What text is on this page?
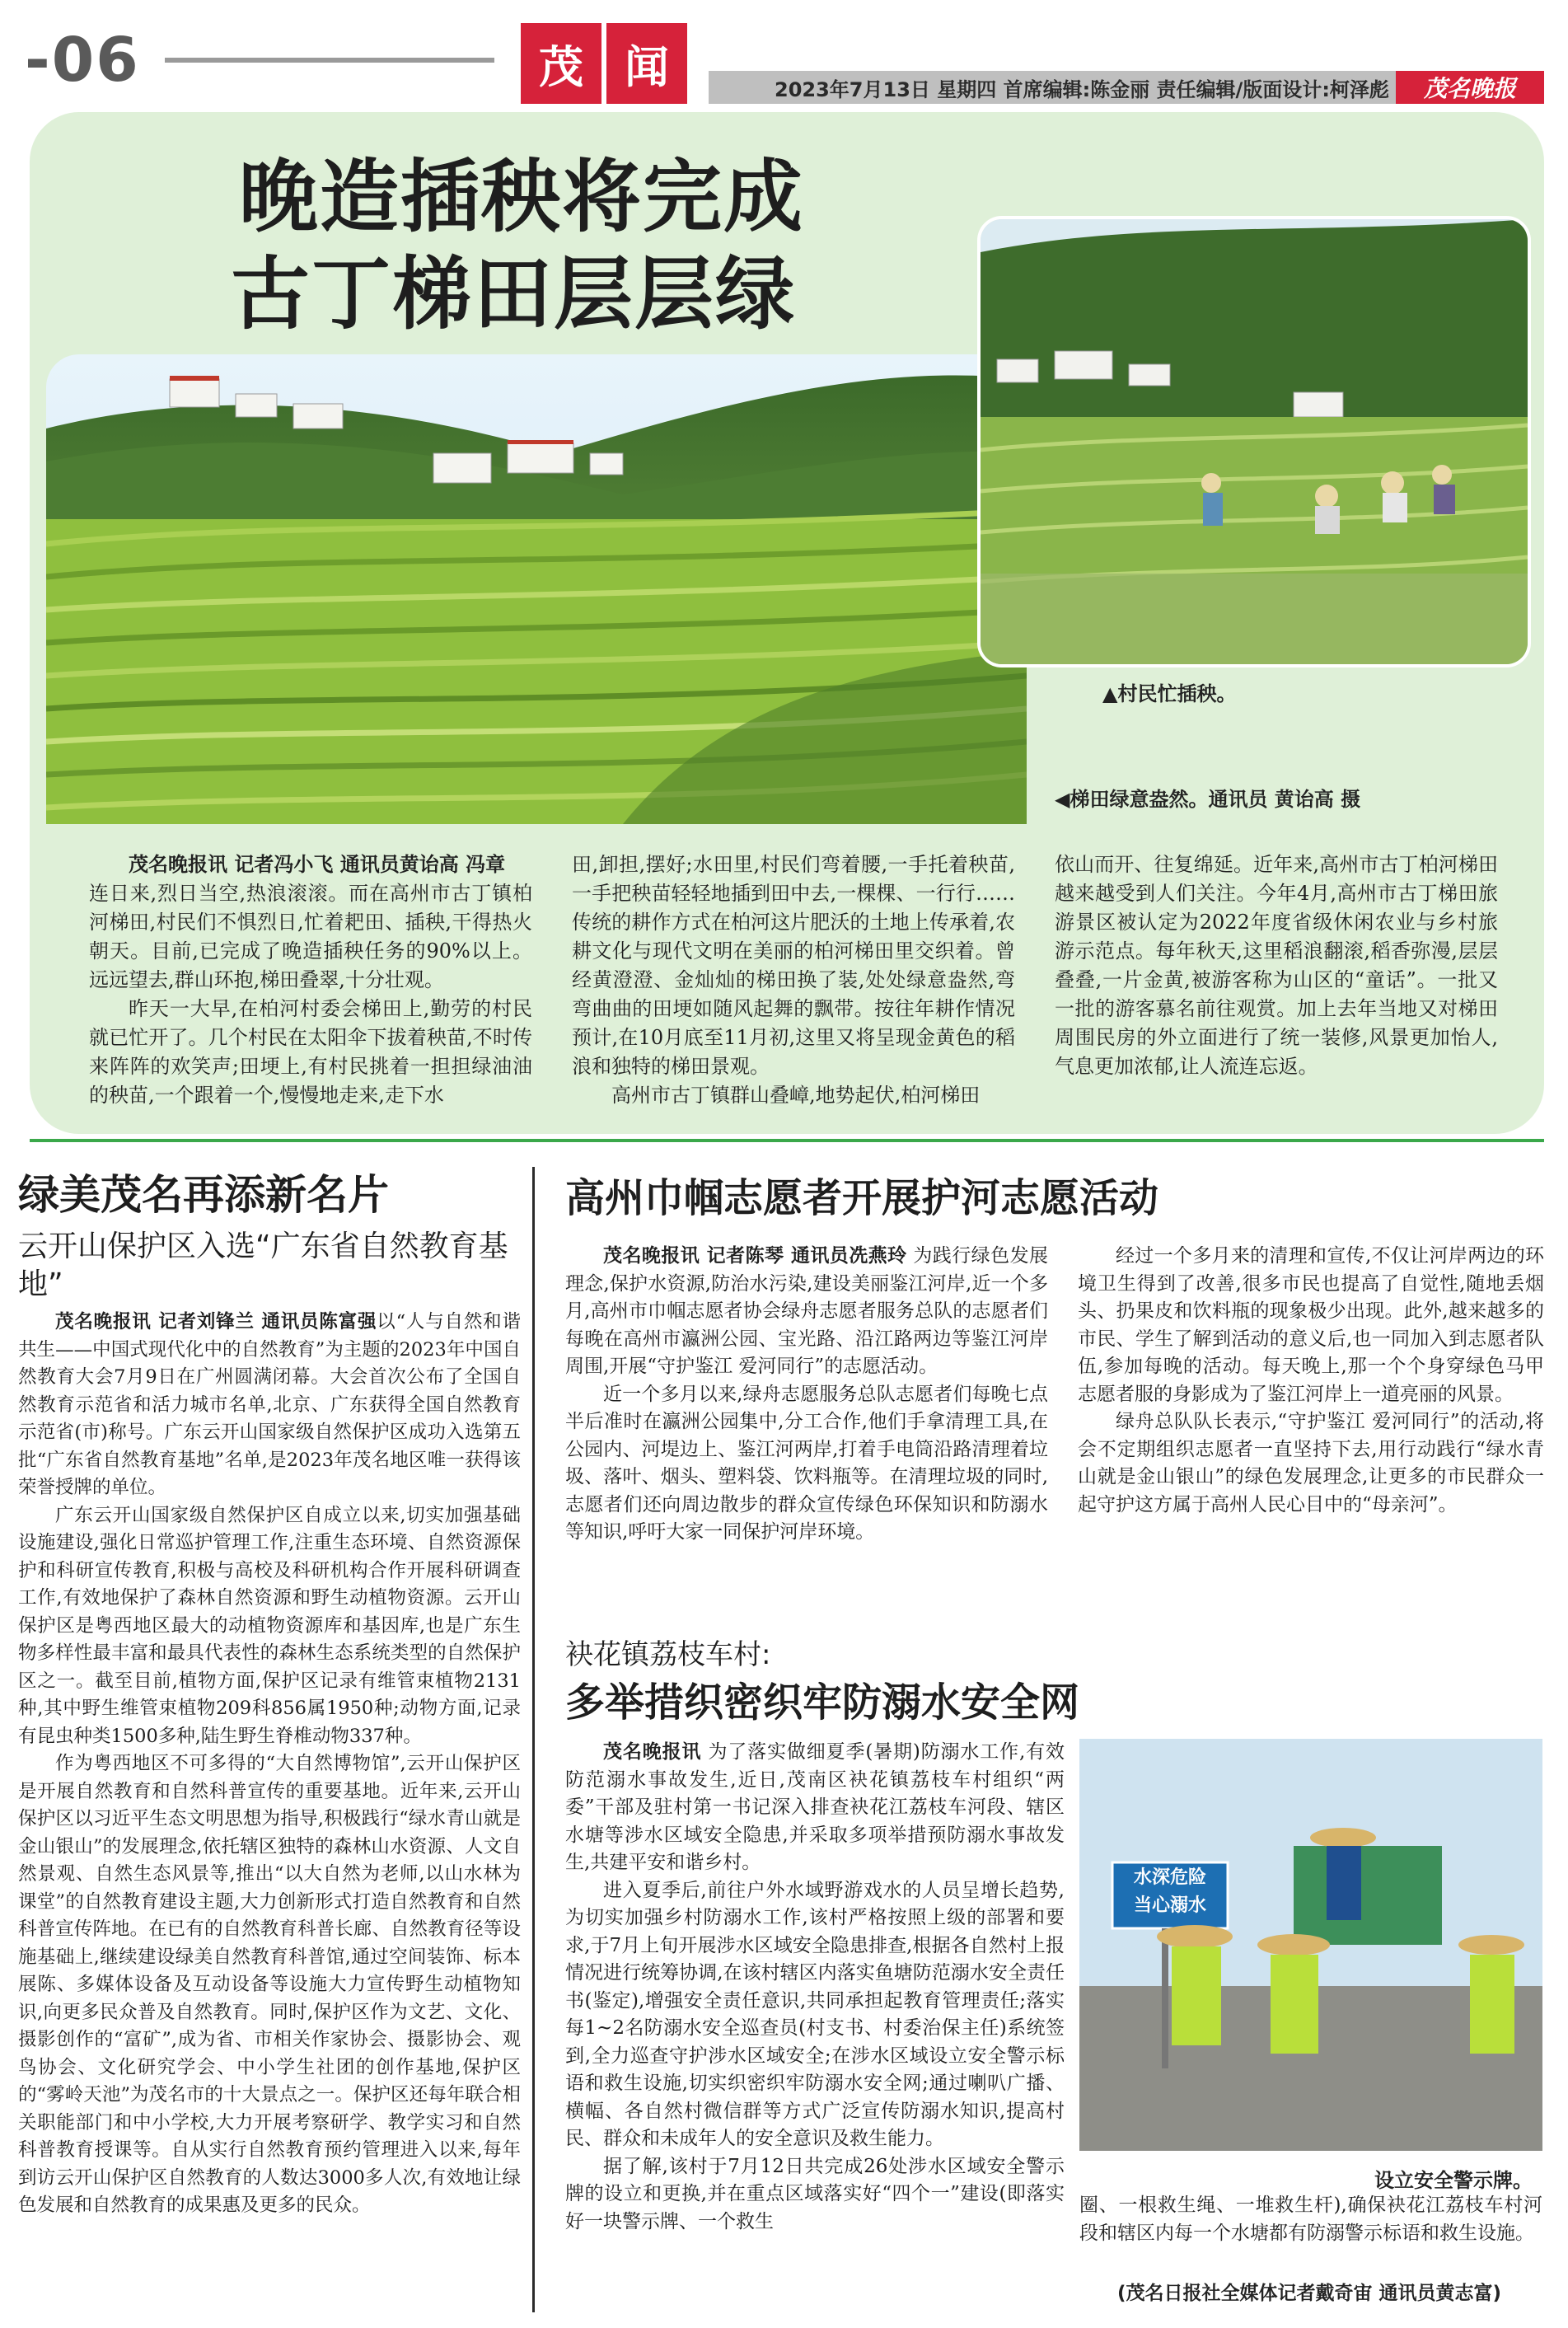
-06	茂 闻	2023年7月13日 星期四 首席编辑:陈金丽 责任编辑/版面设计:柯泽彪	茂名晚报
晚造插秧将完成
古丁梯田层层绿
▲村民忙插秧。
◀梯田绿意盎然。通讯员 黄诒高 摄

茂名晚报讯 记者冯小飞 通讯员黄诒高 冯章

连日来,烈日当空,热浪滚滚。而在高州市古丁镇柏河梯田,村民们不惧烈日,忙着耙田、插秧,干得热火朝天。目前,已完成了晚造插秧任务的90%以上。远远望去,群山环抱,梯田叠翠,十分壮观。

昨天一大早,在柏河村委会梯田上,勤劳的村民就已忙开了。几个村民在太阳伞下拔着秧苗,不时传来阵阵的欢笑声;田埂上,有村民挑着一担担绿油油的秧苗,一个跟着一个,慢慢地走来,走下水

田,卸担,摆好;水田里,村民们弯着腰,一手托着秧苗,一手把秧苗轻轻地插到田中去,一棵棵、一行行……传统的耕作方式在柏河这片肥沃的土地上传承着,农耕文化与现代文明在美丽的柏河梯田里交织着。曾经黄澄澄、金灿灿的梯田换了装,处处绿意盎然,弯弯曲曲的田埂如随风起舞的飘带。按往年耕作情况预计,在10月底至11月初,这里又将呈现金黄色的稻浪和独特的梯田景观。

高州市古丁镇群山叠嶂,地势起伏,柏河梯田

依山而开、往复绵延。近年来,高州市古丁柏河梯田越来越受到人们关注。今年4月,高州市古丁梯田旅游景区被认定为2022年度省级休闲农业与乡村旅游示范点。每年秋天,这里稻浪翻滚,稻香弥漫,层层叠叠,一片金黄,被游客称为山区的“童话”。一批又一批的游客慕名前往观赏。加上去年当地又对梯田周围民房的外立面进行了统一装修,风景更加怡人,气息更加浓郁,让人流连忘返。

绿美茂名再添新名片
云开山保护区入选“广东省自然教育基地”

茂名晚报讯 记者刘锋兰 通讯员陈富强以“人与自然和谐共生——中国式现代化中的自然教育”为主题的2023年中国自然教育大会7月9日在广州圆满闭幕。大会首次公布了全国自然教育示范省和活力城市名单,北京、广东获得全国自然教育示范省(市)称号。广东云开山国家级自然保护区成功入选第五批“广东省自然教育基地”名单,是2023年茂名地区唯一获得该荣誉授牌的单位。

广东云开山国家级自然保护区自成立以来,切实加强基础设施建设,强化日常巡护管理工作,注重生态环境、自然资源保护和科研宣传教育,积极与高校及科研机构合作开展科研调查工作,有效地保护了森林自然资源和野生动植物资源。云开山保护区是粤西地区最大的动植物资源库和基因库,也是广东生物多样性最丰富和最具代表性的森林生态系统类型的自然保护区之一。截至目前,植物方面,保护区记录有维管束植物2131种,其中野生维管束植物209科856属1950种;动物方面,记录有昆虫种类1500多种,陆生野生脊椎动物337种。

作为粤西地区不可多得的“大自然博物馆”,云开山保护区是开展自然教育和自然科普宣传的重要基地。近年来,云开山保护区以习近平生态文明思想为指导,积极践行“绿水青山就是金山银山”的发展理念,依托辖区独特的森林山水资源、人文自然景观、自然生态风景等,推出“以大自然为老师,以山水林为课堂”的自然教育建设主题,大力创新形式打造自然教育和自然科普宣传阵地。在已有的自然教育科普长廊、自然教育径等设施基础上,继续建设绿美自然教育科普馆,通过空间装饰、标本展陈、多媒体设备及互动设备等设施大力宣传野生动植物知识,向更多民众普及自然教育。同时,保护区作为文艺、文化、摄影创作的“富矿”,成为省、市相关作家协会、摄影协会、观鸟协会、文化研究学会、中小学生社团的创作基地,保护区的“雾岭天池”为茂名市的十大景点之一。保护区还每年联合相关职能部门和中小学校,大力开展考察研学、教学实习和自然科普教育授课等。自从实行自然教育预约管理进入以来,每年到访云开山保护区自然教育的人数达3000多人次,有效地让绿色发展和自然教育的成果惠及更多的民众。

高州巾帼志愿者开展护河志愿活动

茂名晚报讯 记者陈琴 通讯员冼燕玲 为践行绿色发展理念,保护水资源,防治水污染,建设美丽鉴江河岸,近一个多月,高州市巾帼志愿者协会绿舟志愿者服务总队的志愿者们每晚在高州市瀛洲公园、宝光路、沿江路两边等鉴江河岸周围,开展“守护鉴江 爱河同行”的志愿活动。

近一个多月以来,绿舟志愿服务总队志愿者们每晚七点半后准时在瀛洲公园集中,分工合作,他们手拿清理工具,在公园内、河堤边上、鉴江河两岸,打着手电筒沿路清理着垃圾、落叶、烟头、塑料袋、饮料瓶等。在清理垃圾的同时,志愿者们还向周边散步的群众宣传绿色环保知识和防溺水等知识,呼吁大家一同保护河岸环境。

经过一个多月来的清理和宣传,不仅让河岸两边的环境卫生得到了改善,很多市民也提高了自觉性,随地丢烟头、扔果皮和饮料瓶的现象极少出现。此外,越来越多的市民、学生了解到活动的意义后,也一同加入到志愿者队伍,参加每晚的活动。每天晚上,那一个个身穿绿色马甲志愿者服的身影成为了鉴江河岸上一道亮丽的风景。

绿舟总队队长表示,“守护鉴江 爱河同行”的活动,将会不定期组织志愿者一直坚持下去,用行动践行“绿水青山就是金山银山”的绿色发展理念,让更多的市民群众一起守护这方属于高州人民心目中的“母亲河”。

袂花镇荔枝车村:
多举措织密织牢防溺水安全网

茂名晚报讯 为了落实做细夏季(暑期)防溺水工作,有效防范溺水事故发生,近日,茂南区袂花镇荔枝车村组织“两委”干部及驻村第一书记深入排查袂花江荔枝车河段、辖区水塘等涉水区域安全隐患,并采取多项举措预防溺水事故发生,共建平安和谐乡村。

进入夏季后,前往户外水域野游戏水的人员呈增长趋势,为切实加强乡村防溺水工作,该村严格按照上级的部署和要求,于7月上旬开展涉水区域安全隐患排查,根据各自然村上报情况进行统筹协调,在该村辖区内落实鱼塘防范溺水安全责任书(鉴定),增强安全责任意识,共同承担起教育管理责任;落实每1~2名防溺水安全巡查员(村支书、村委治保主任)系统签到,全力巡查守护涉水区域安全;在涉水区域设立安全警示标语和救生设施,切实织密织牢防溺水安全网;通过喇叭广播、横幅、各自然村微信群等方式广泛宣传防溺水知识,提高村民、群众和未成年人的安全意识及救生能力。

据了解,该村于7月12日共完成26处涉水区域安全警示牌的设立和更换,并在重点区域落实好“四个一”建设(即落实好一块警示牌、一个救生

水深危险
当心溺水
设立安全警示牌。

圈、一根救生绳、一堆救生杆),确保袂花江荔枝车村河段和辖区内每一个水塘都有防溺警示标语和救生设施。

(茂名日报社全媒体记者戴奇宙 通讯员黄志富)
